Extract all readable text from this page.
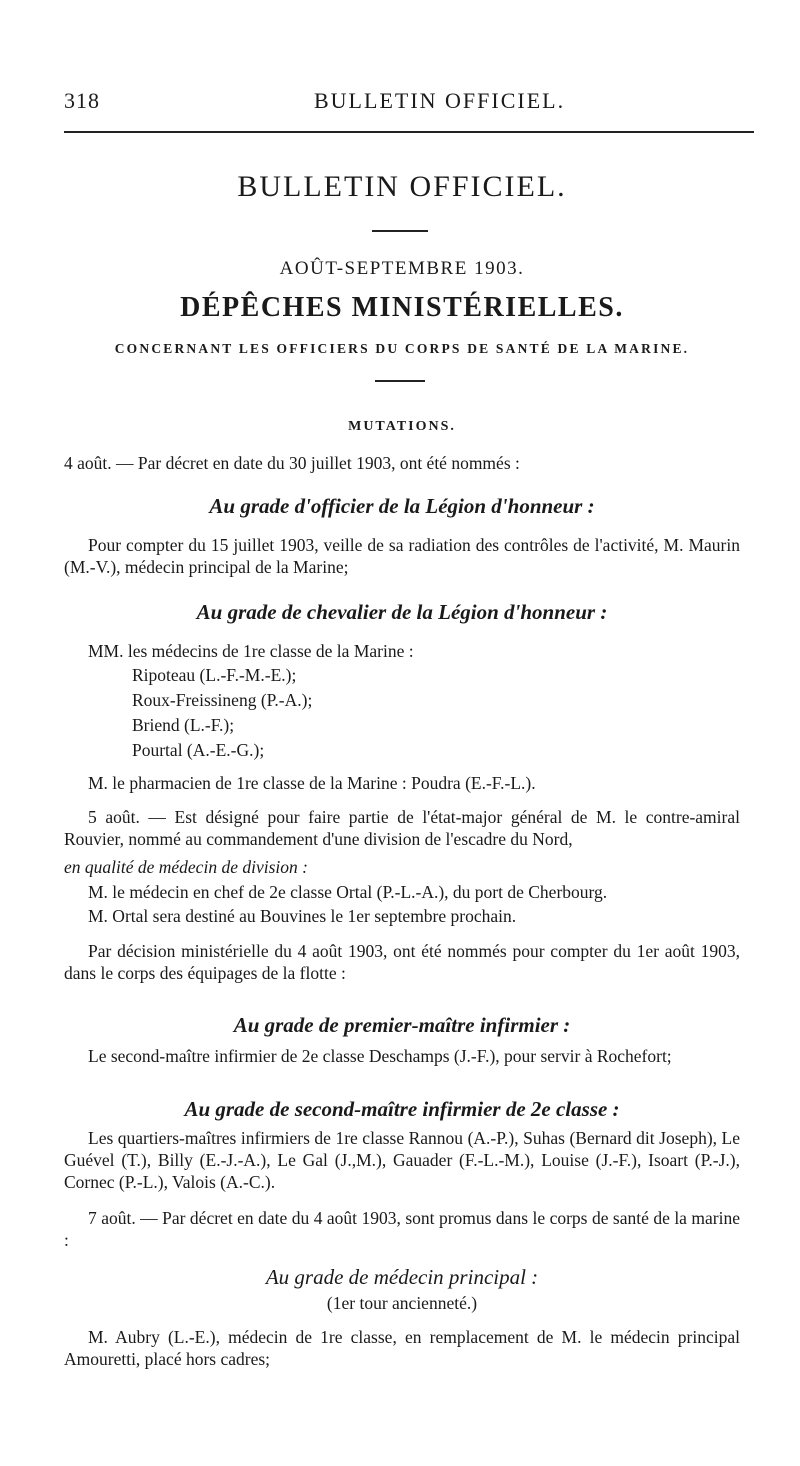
318	BULLETIN OFFICIEL.
BULLETIN OFFICIEL.
AOÛT-SEPTEMBRE 1903.
DÉPÊCHES MINISTÉRIELLES.
CONCERNANT LES OFFICIERS DU CORPS DE SANTÉ DE LA MARINE.
MUTATIONS.
4 août. — Par décret en date du 30 juillet 1903, ont été nommés :
Au grade d'officier de la Légion d'honneur :

Pour compter du 15 juillet 1903, veille de sa radiation des contrôles de l'activité, M. Maurin (M.-V.), médecin principal de la Marine;

Au grade de chevalier de la Légion d'honneur :
MM. les médecins de 1re classe de la Marine :
Ripoteau (L.-F.-M.-E.);
Roux-Freissineng (P.-A.);
Briend (L.-F.);
Pourtal (A.-E.-G.);
M. le pharmacien de 1re classe de la Marine : Poudra (E.-F.-L.).

5 août. — Est désigné pour faire partie de l'état-major général de M. le contre-amiral Rouvier, nommé au commandement d'une division de l'escadre du Nord,

en qualité de médecin de division :
M. le médecin en chef de 2e classe Ortal (P.-L.-A.), du port de Cherbourg.
M. Ortal sera destiné au Bouvines le 1er septembre prochain.

Par décision ministérielle du 4 août 1903, ont été nommés pour compter du 1er août 1903, dans le corps des équipages de la flotte :

Au grade de premier-maître infirmier :

Le second-maître infirmier de 2e classe Deschamps (J.-F.), pour servir à Rochefort;

Au grade de second-maître infirmier de 2e classe :

Les quartiers-maîtres infirmiers de 1re classe Rannou (A.-P.), Suhas (Bernard dit Joseph), Le Guével (T.), Billy (E.-J.-A.), Le Gal (J.,M.), Gauader (F.-L.-M.), Louise (J.-F.), Isoart (P.-J.), Cornec (P.-L.), Valois (A.-C.).

7 août. — Par décret en date du 4 août 1903, sont promus dans le corps de santé de la marine :

Au grade de médecin principal :
(1er tour ancienneté.)

M. Aubry (L.-E.), médecin de 1re classe, en remplacement de M. le médecin principal Amouretti, placé hors cadres;
